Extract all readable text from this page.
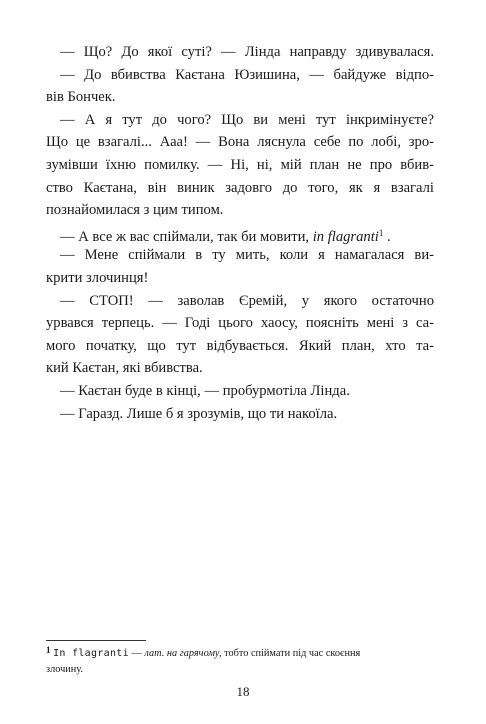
— Що? До якої суті? — Лінда направду здивувалася.
— До вбивства Каєтана Юзишина, — байдуже відпо-
вів Бончек.
— А я тут до чого? Що ви мені тут інкримінуєте?
Що це взагалі... Ааа! — Вона ляснула себе по лобі, зро-
зумівши їхню помилку. — Ні, ні, мій план не про вбив-
ство Каєтана, він виник задовго до того, як я взагалі
познайомилася з цим типом.
— А все ж вас спіймали, так би мовити, in flagranti$^1$ .
— Мене спіймали в ту мить, коли я намагалася ви-
крити злочинця!
— СТОП! — заволав Єремій, у якого остаточно
урвався терпець. — Годі цього хаосу, поясніть мені з са-
мого початку, що тут відбувається. Який план, хто та-
кий Каєтан, які вбивства.
— Каєтан буде в кінці, — пробурмотіла Лінда.
— Гаразд. Лише б я зрозумів, що ти накоїла.
1 In flagranti — лат. на гарячому, тобто спіймати під час скоєння
злочину.
18
